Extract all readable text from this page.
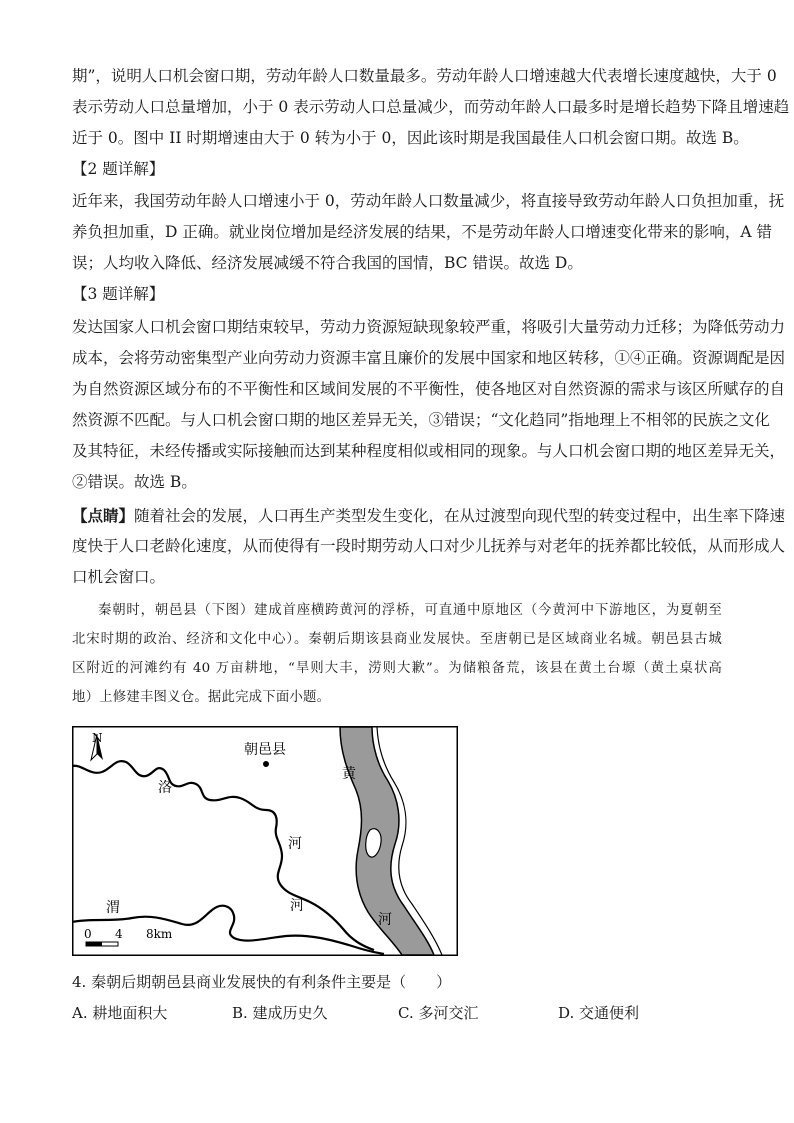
期”，说明人口机会窗口期，劳动年龄人口数量最多。劳动年龄人口增速越大代表增长速度越快，大于 0
表示劳动人口总量增加，小于 0 表示劳动人口总量减少，而劳动年龄人口最多时是增长趋势下降且增速趋
近于 0。图中 II 时期增速由大于 0 转为小于 0，因此该时期是我国最佳人口机会窗口期。故选 B。
【2 题详解】
近年来，我国劳动年龄人口增速小于 0，劳动年龄人口数量减少，将直接导致劳动年龄人口负担加重，抚
养负担加重，D 正确。就业岗位增加是经济发展的结果，不是劳动年龄人口增速变化带来的影响，A 错
误；人均收入降低、经济发展减缓不符合我国的国情，BC 错误。故选 D。
【3 题详解】
发达国家人口机会窗口期结束较早，劳动力资源短缺现象较严重，将吸引大量劳动力迁移；为降低劳动力
成本，会将劳动密集型产业向劳动力资源丰富且廉价的发展中国家和地区转移，①④正确。资源调配是因
为自然资源区域分布的不平衡性和区域间发展的不平衡性，使各地区对自然资源的需求与该区所赋存的自
然资源不匹配。与人口机会窗口期的地区差异无关，③错误；“文化趋同”指地理上不相邻的民族之文化
及其特征，未经传播或实际接触而达到某种程度相似或相同的现象。与人口机会窗口期的地区差异无关，
②错误。故选 B。
【点睛】随着社会的发展，人口再生产类型发生变化，在从过渡型向现代型的转变过程中，出生率下降速
度快于人口老龄化速度，从而使得有一段时期劳动人口对少儿抚养与对老年的抚养都比较低，从而形成人
口机会窗口。
秦朝时，朝邑县（下图）建成首座横跨黄河的浮桥，可直通中原地区（今黄河中下游地区，为夏朝至
北宋时期的政治、经济和文化中心）。秦朝后期该县商业发展快。至唐朝已是区域商业名城。朝邑县古城
区附近的河滩约有 40 万亩耕地，“旱则大丰，涝则大歉”。为储粮备荒，该县在黄土台塬（黄土桌状高
地）上修建丰图义仓。据此完成下面小题。
N
朝邑县
洛
河
渭	河
黄
河
0 4 8km
4. 秦朝后期朝邑县商业发展快的有利条件主要是（　　）
A. 耕地面积大	B. 建成历史久	C. 多河交汇	D. 交通便利
